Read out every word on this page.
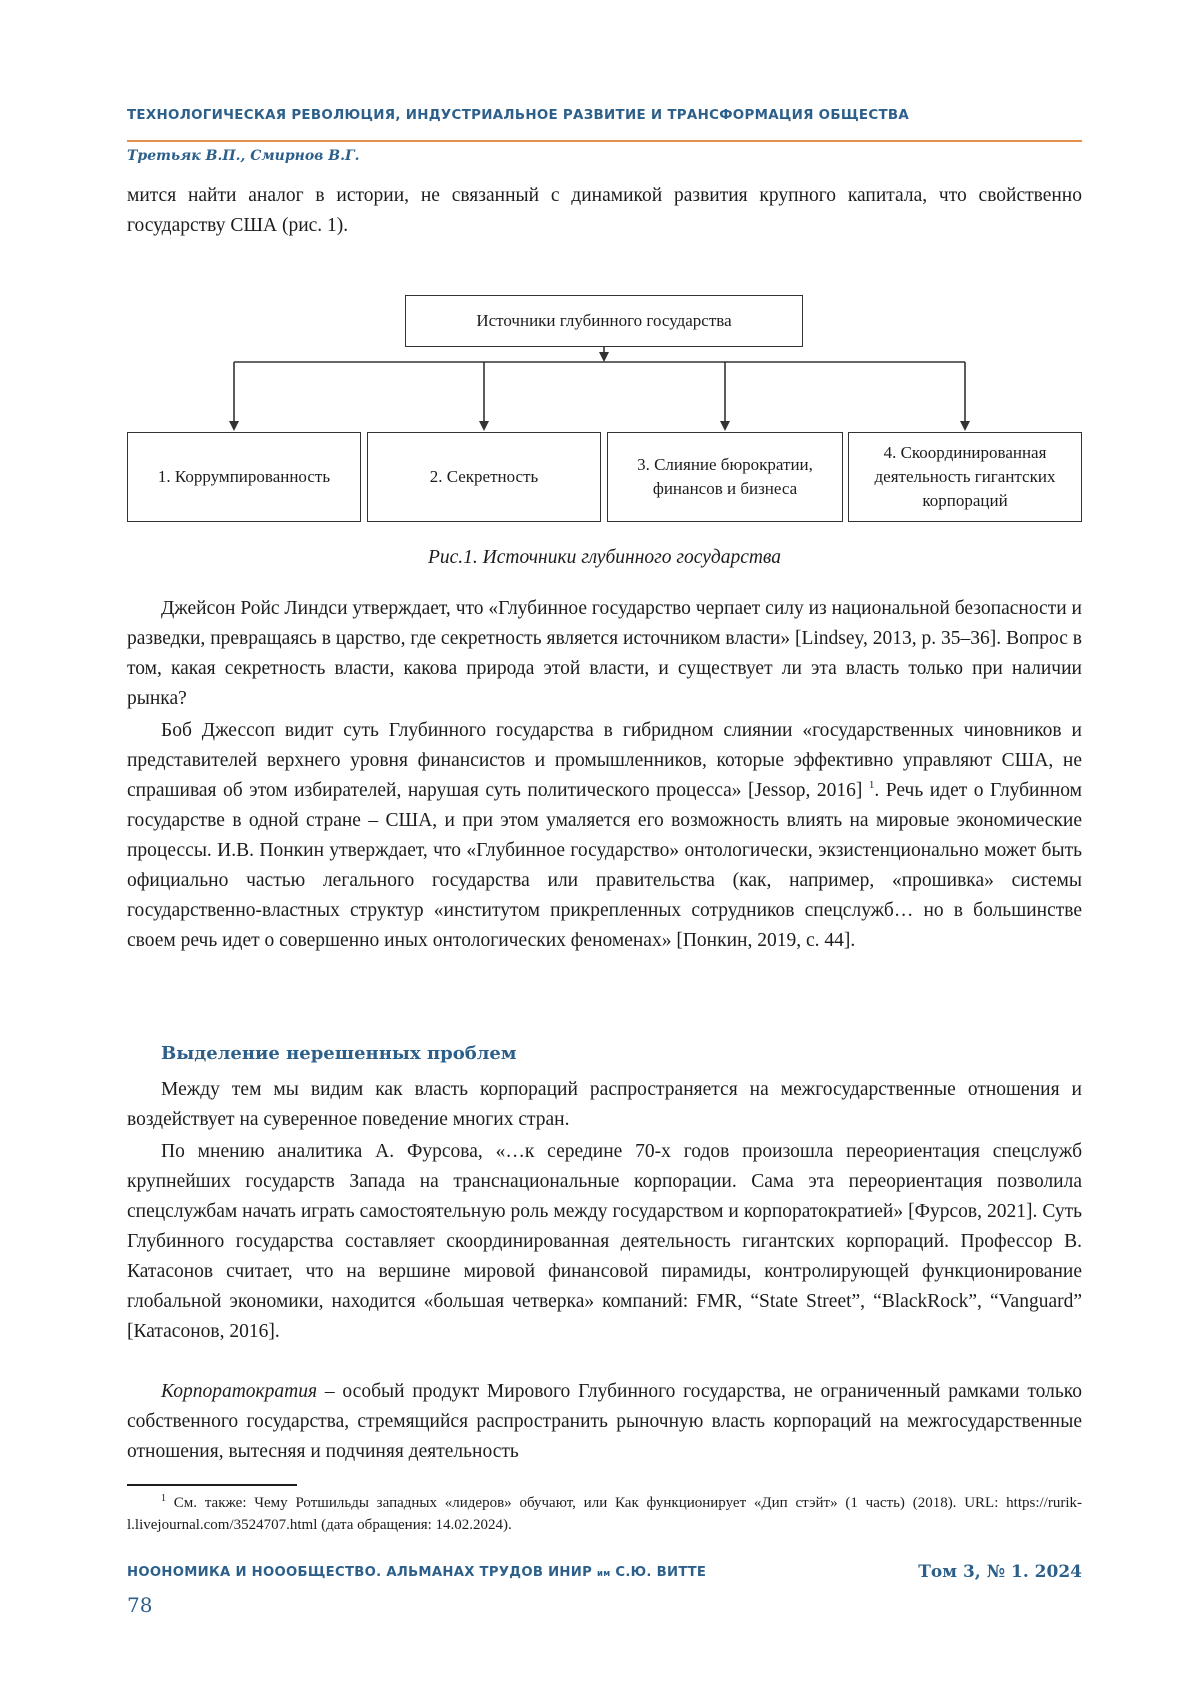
ТЕХНОЛОГИЧЕСКАЯ РЕВОЛЮЦИЯ, ИНДУСТРИАЛЬНОЕ РАЗВИТИЕ И ТРАНСФОРМАЦИЯ ОБЩЕСТВА
Третьяк В.П., Смирнов В.Г.

мится найти аналог в истории, не связанный с динамикой развития крупного капитала, что свойственно государству США (рис. 1).

Источники глубинного государства
1. Коррумпированность	2. Секретность
3. Слияние бюрократии, финансов и бизнеса
4. Скоординированная деятельность гигантских корпораций
Рис.1. Источники глубинного государства

Джейсон Ройс Линдси утверждает, что «Глубинное государство черпает силу из национальной безопасности и разведки, превращаясь в царство, где секретность является источником власти» [Lindsey, 2013, p. 35–36]. Вопрос в том, какая секретность власти, какова природа этой власти, и существует ли эта власть только при наличии рынка?

Боб Джессоп видит суть Глубинного государства в гибридном слиянии «государственных чиновников и представителей верхнего уровня финансистов и промышленников, которые эффективно управляют США, не спрашивая об этом избирателей, нарушая суть политического процесса» [Jessop, 2016] $^1$. Речь идет о Глубинном государстве в одной стране – США, и при этом умаляется его возможность влиять на мировые экономические процессы. И.В. Понкин утверждает, что «Глубинное государство» онтологически, экзистенционально может быть официально частью легального государства или правительства (как, например, «прошивка» системы государственно-властных структур «институтом прикрепленных сотрудников спецслужб… но в большинстве своем речь идет о совершенно иных онтологических феноменах» [Понкин, 2019, с. 44].

Выделение нерешенных проблем

Между тем мы видим как власть корпораций распространяется на межгосударственные отношения и воздействует на суверенное поведение многих стран.

По мнению аналитика А. Фурсова, «…к середине 70-х годов произошла переориентация спецслужб крупнейших государств Запада на транснациональные корпорации. Сама эта переориентация позволила спецслужбам начать играть самостоятельную роль между государством и корпоратократией» [Фурсов, 2021]. Суть Глубинного государства составляет скоординированная деятельность гигантских корпораций. Профессор В. Катасонов считает, что на вершине мировой финансовой пирамиды, контролирующей функционирование глобальной экономики, находится «большая четверка» компаний: FMR, “State Street”, “BlackRock”, “Vanguard” [Катасонов, 2016].

Корпоратократия – особый продукт Мирового Глубинного государства, не ограниченный рамками только собственного государства, стремящийся распространить рыночную власть корпораций на межгосударственные отношения, вытесняя и подчиняя деятельность

$^1$ См. также: Чему Ротшильды западных «лидеров» обучают, или Как функционирует «Дип стэйт» (1 часть) (2018). URL: https://rurik-l.livejournal.com/3524707.html (дата обращения: 14.02.2024).

НООНОМИКА И НОООБЩЕСТВО. АЛЬМАНАХ ТРУДОВ ИНИР им С.Ю. ВИТТЕ	Том 3, № 1. 2024
78
